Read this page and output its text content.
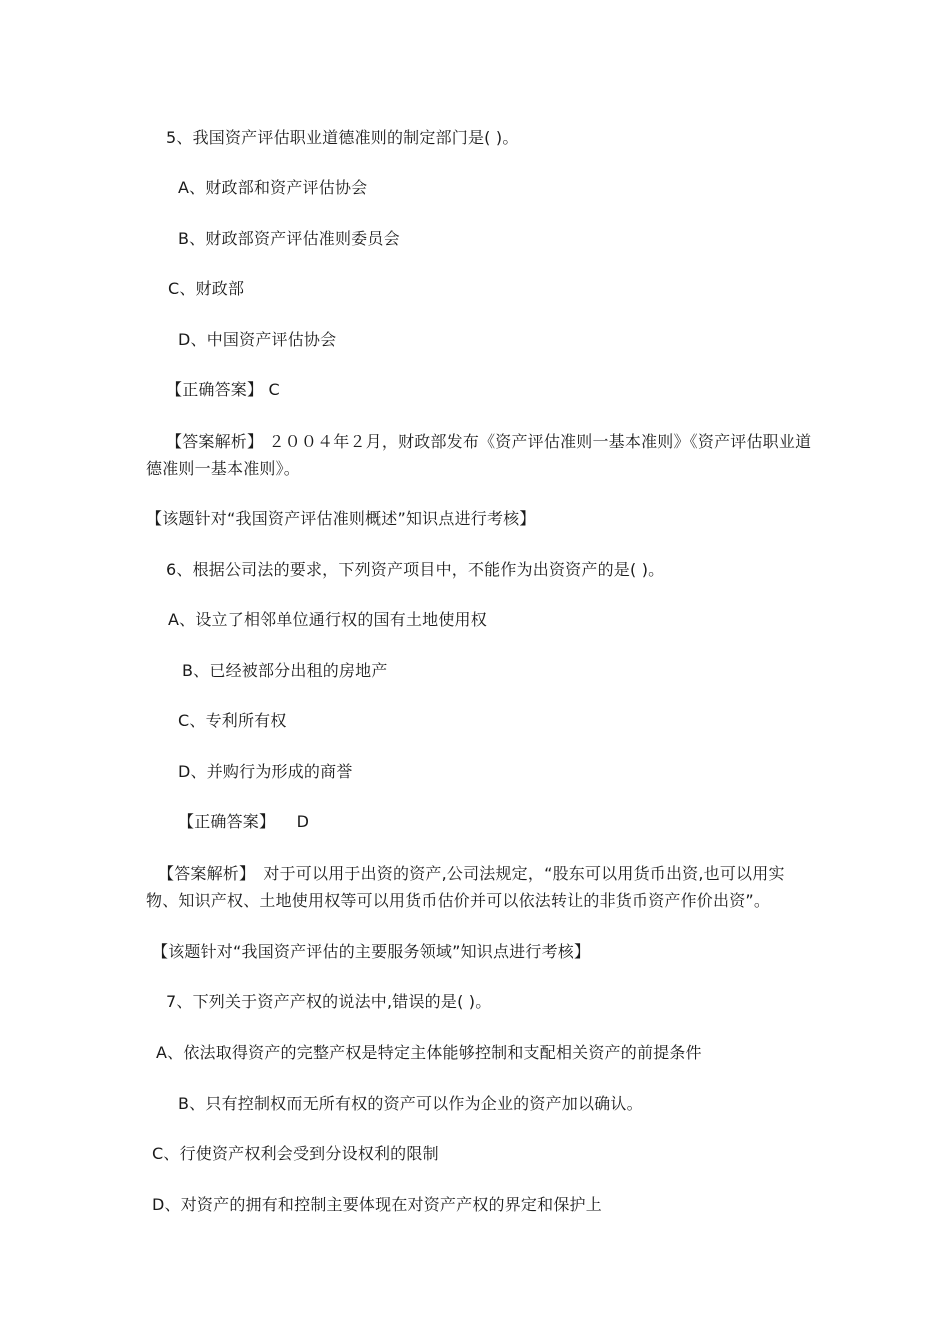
5、我国资产评估职业道德准则的制定部门是( )。
A、财政部和资产评估协会
B、财政部资产评估准则委员会
C、财政部
D、中国资产评估协会
【正确答案】 C
【答案解析】 ２００４年２月，财政部发布《资产评估准则一基本准则》《资产评估职业道德准则一基本准则》。
【该题针对“我国资产评估准则概述”知识点进行考核】
6、根据公司法的要求，下列资产项目中，不能作为出资资产的是( )。
A、设立了相邻单位通行权的国有土地使用权
B、已经被部分出租的房地产
C、专利所有权
D、并购行为形成的商誉
【正确答案】 　D
【答案解析】　对于可以用于出资的资产,公司法规定，“股东可以用货币出资,也可以用实物、知识产权、土地使用权等可以用货币估价并可以依法转让的非货币资产作价出资”。
【该题针对“我国资产评估的主要服务领域”知识点进行考核】
7、下列关于资产产权的说法中,错误的是( )。
A、依法取得资产的完整产权是特定主体能够控制和支配相关资产的前提条件
B、只有控制权而无所有权的资产可以作为企业的资产加以确认。
C、行使资产权利会受到分设权利的限制
D、对资产的拥有和控制主要体现在对资产产权的界定和保护上
